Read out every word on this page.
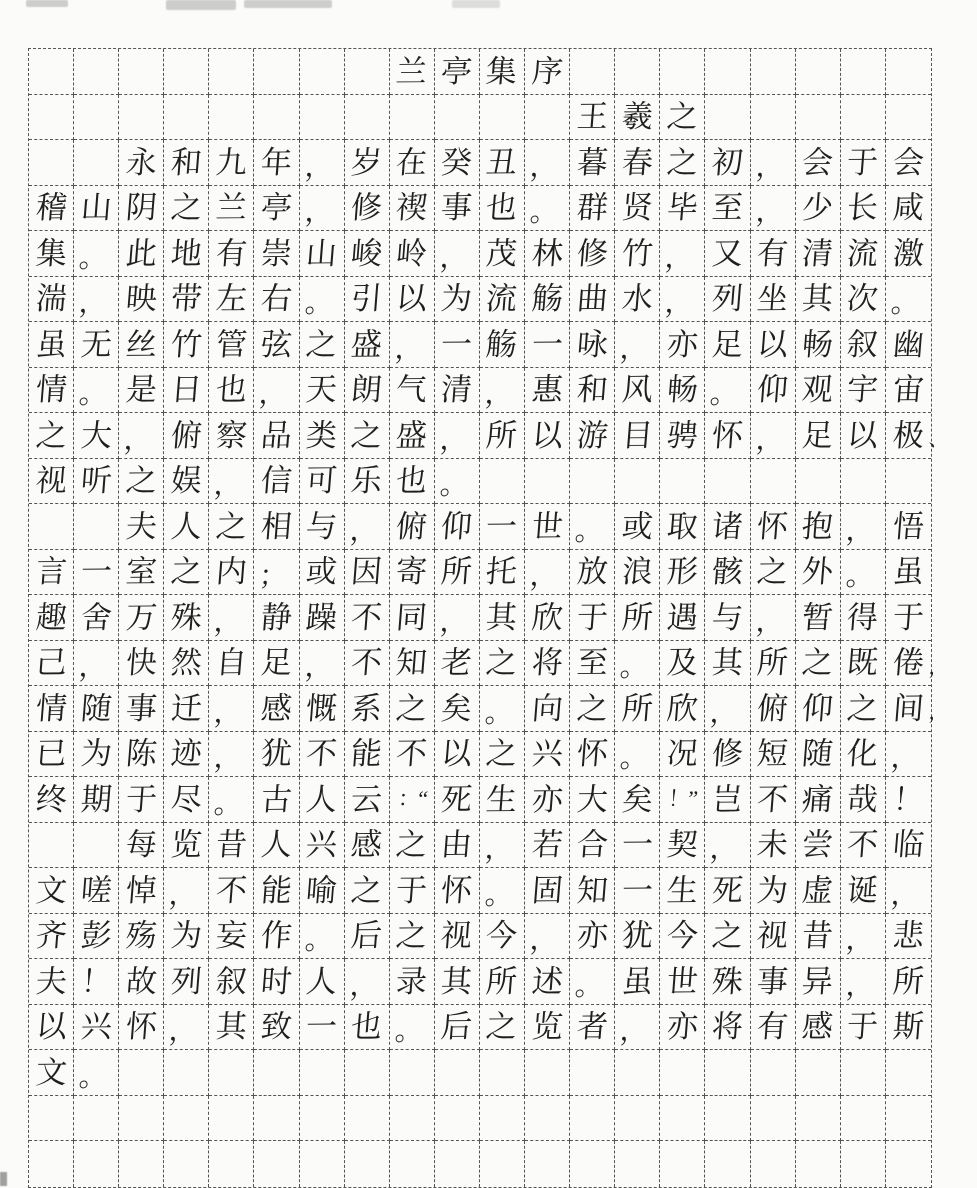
兰 亭 集 序
王 羲 之
永 和 九 年 ， 岁 在 癸 丑 ， 暮 春 之 初 ， 会 于 会
稽 山 阴 之 兰 亭 ， 修 禊 事 也 。 群 贤 毕 至 ， 少 长 咸
集 。 此 地 有 崇 山 峻 岭 ， 茂 林 修 竹 ， 又 有 清 流 激
湍 ， 映 带 左 右 。 引 以 为 流 觞 曲 水 ， 列 坐 其 次 。
虽 无 丝 竹 管 弦 之 盛 ， 一 觞 一 咏 ， 亦 足 以 畅 叙 幽
情 。 是 日 也 ， 天 朗 气 清 ， 惠 和 风 畅 。 仰 观 宇 宙
之 大 ， 俯 察 品 类 之 盛 ， 所 以 游 目 骋 怀 ， 足 以 极
视 听 之 娱 ， 信 可 乐 也 。
夫 人 之 相 与 ， 俯 仰 一 世 。 或 取 诸 怀 抱 ， 悟
言 一 室 之 内 ； 或 因 寄 所 托 ， 放 浪 形 骸 之 外 。 虽
趣 舍 万 殊 ， 静 躁 不 同 ， 其 欣 于 所 遇 与 ， 暂 得 于
己 ， 快 然 自 足 ， 不 知 老 之 将 至 。 及 其 所 之 既 倦
情 随 事 迁 ， 感 慨 系 之 矣 。 向 之 所 欣 ， 俯 仰 之 间
已 为 陈 迹 ， 犹 不 能 不 以 之 兴 怀 。 况 修 短 随 化 ，
终 期 于 尽 。 古 人 云 ：“ 死 生 亦 大 矣 ！” 岂 不 痛 哉 ！
每 览 昔 人 兴 感 之 由 ， 若 合 一 契 ， 未 尝 不 临
文 嗟 悼 ， 不 能 喻 之 于 怀 。 固 知 一 生 死 为 虚 诞 ，
齐 彭 殇 为 妄 作 。 后 之 视 今 ， 亦 犹 今 之 视 昔 ， 悲
夫 ！ 故 列 叙 时 人 ， 录 其 所 述 。 虽 世 殊 事 异 ， 所
以 兴 怀 ， 其 致 一 也 。 后 之 览 者 ， 亦 将 有 感 于 斯
文 。
、
，
，
